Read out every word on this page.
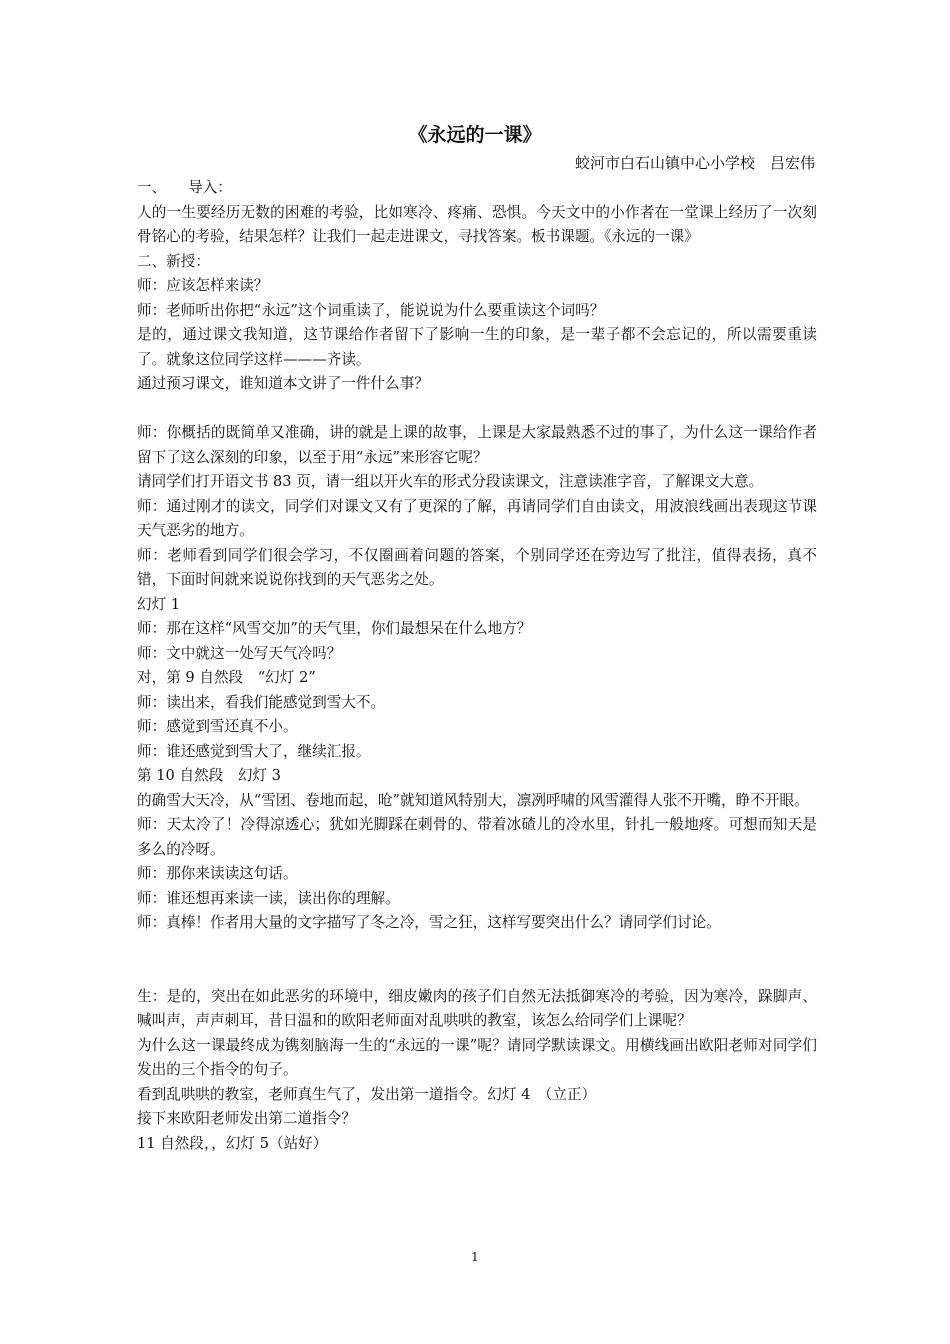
《永远的一课》
蛟河市白石山镇中心小学校　吕宏伟

一、　　导入：

人的一生要经历无数的困难的考验，比如寒冷、疼痛、恐惧。今天文中的小作者在一堂课上经历了一次刻骨铭心的考验，结果怎样？让我们一起走进课文，寻找答案。板书课题。《永远的一课》

二、新授：

师：应该怎样来读？

师：老师听出你把“永远”这个词重读了，能说说为什么要重读这个词吗？

是的，通过课文我知道，这节课给作者留下了影响一生的印象，是一辈子都不会忘记的，所以需要重读了。就象这位同学这样———齐读。

通过预习课文，谁知道本文讲了一件什么事？

师：你概括的既简单又准确，讲的就是上课的故事，上课是大家最熟悉不过的事了，为什么这一课给作者留下了这么深刻的印象，以至于用“永远”来形容它呢？

请同学们打开语文书 83 页，请一组以开火车的形式分段读课文，注意读准字音，了解课文大意。

师：通过刚才的读文，同学们对课文又有了更深的了解，再请同学们自由读文，用波浪线画出表现这节课天气恶劣的地方。

师：老师看到同学们很会学习，不仅圈画着问题的答案，个别同学还在旁边写了批注，值得表扬，真不错，下面时间就来说说你找到的天气恶劣之处。

幻灯 1

师：那在这样“风雪交加”的天气里，你们最想呆在什么地方？

师：文中就这一处写天气冷吗？

对，第 9 自然段　“幻灯 2”

师：读出来，看我们能感觉到雪大不。

师：感觉到雪还真不小。

师：谁还感觉到雪大了，继续汇报。

第 10 自然段　幻灯 3

的确雪大天冷，从“雪团、卷地而起，呛”就知道风特别大，凛冽呼啸的风雪灌得人张不开嘴，睁不开眼。

师：天太冷了！冷得凉透心；犹如光脚踩在刺骨的、带着冰碴儿的冷水里，针扎一般地疼。可想而知天是多么的冷呀。

师：那你来读读这句话。

师：谁还想再来读一读，读出你的理解。

师：真棒！作者用大量的文字描写了冬之冷，雪之狂，这样写要突出什么？请同学们讨论。

生：是的，突出在如此恶劣的环境中，细皮嫩肉的孩子们自然无法抵御寒冷的考验，因为寒冷，跺脚声、喊叫声，声声刺耳，昔日温和的欧阳老师面对乱哄哄的教室，该怎么给同学们上课呢？

为什么这一课最终成为镌刻脑海一生的“永远的一课”呢？请同学默读课文。用横线画出欧阳老师对同学们发出的三个指令的句子。

看到乱哄哄的教室，老师真生气了，发出第一道指令。幻灯 4　（立正）

接下来欧阳老师发出第二道指令？

11 自然段，，幻灯 5（站好）

1
